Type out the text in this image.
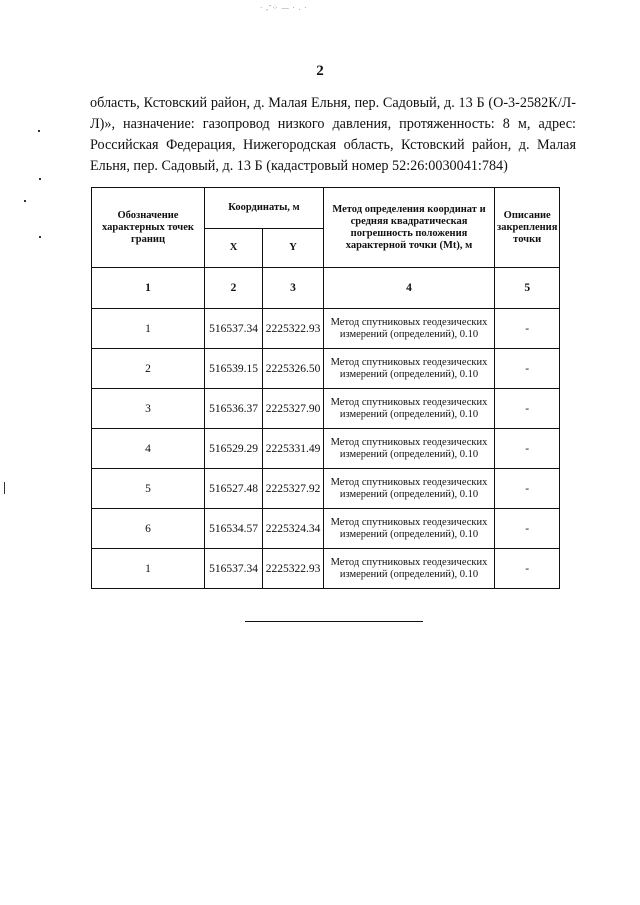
· ,˜⁘ — · . ·
2
область, Кстовский район, д. Малая Ельня, пер. Садовый, д. 13 Б (О-3-2582К/Л-Л)», назначение: газопровод низкого давления, протяженность: 8 м, адрес: Российская Федерация, Нижегородская область, Кстовский район, д. Малая Ельня, пер. Садовый, д. 13 Б (кадастровый номер 52:26:0030041:784)
Обозначение характерных точек границ	Координаты, м		Метод определения координат и средняя квадратическая погрешность положения характерной точки (Мt), м	Описание закрепления точки
	X	Y		
1	2	3	4	5
1	516537.34	2225322.93	Метод спутниковых геодезических измерений (определений), 0.10	-
2	516539.15	2225326.50	Метод спутниковых геодезических измерений (определений), 0.10	-
3	516536.37	2225327.90	Метод спутниковых геодезических измерений (определений), 0.10	-
4	516529.29	2225331.49	Метод спутниковых геодезических измерений (определений), 0.10	-
5	516527.48	2225327.92	Метод спутниковых геодезических измерений (определений), 0.10	-
6	516534.57	2225324.34	Метод спутниковых геодезических измерений (определений), 0.10	-
1	516537.34	2225322.93	Метод спутниковых геодезических измерений (определений), 0.10	-
